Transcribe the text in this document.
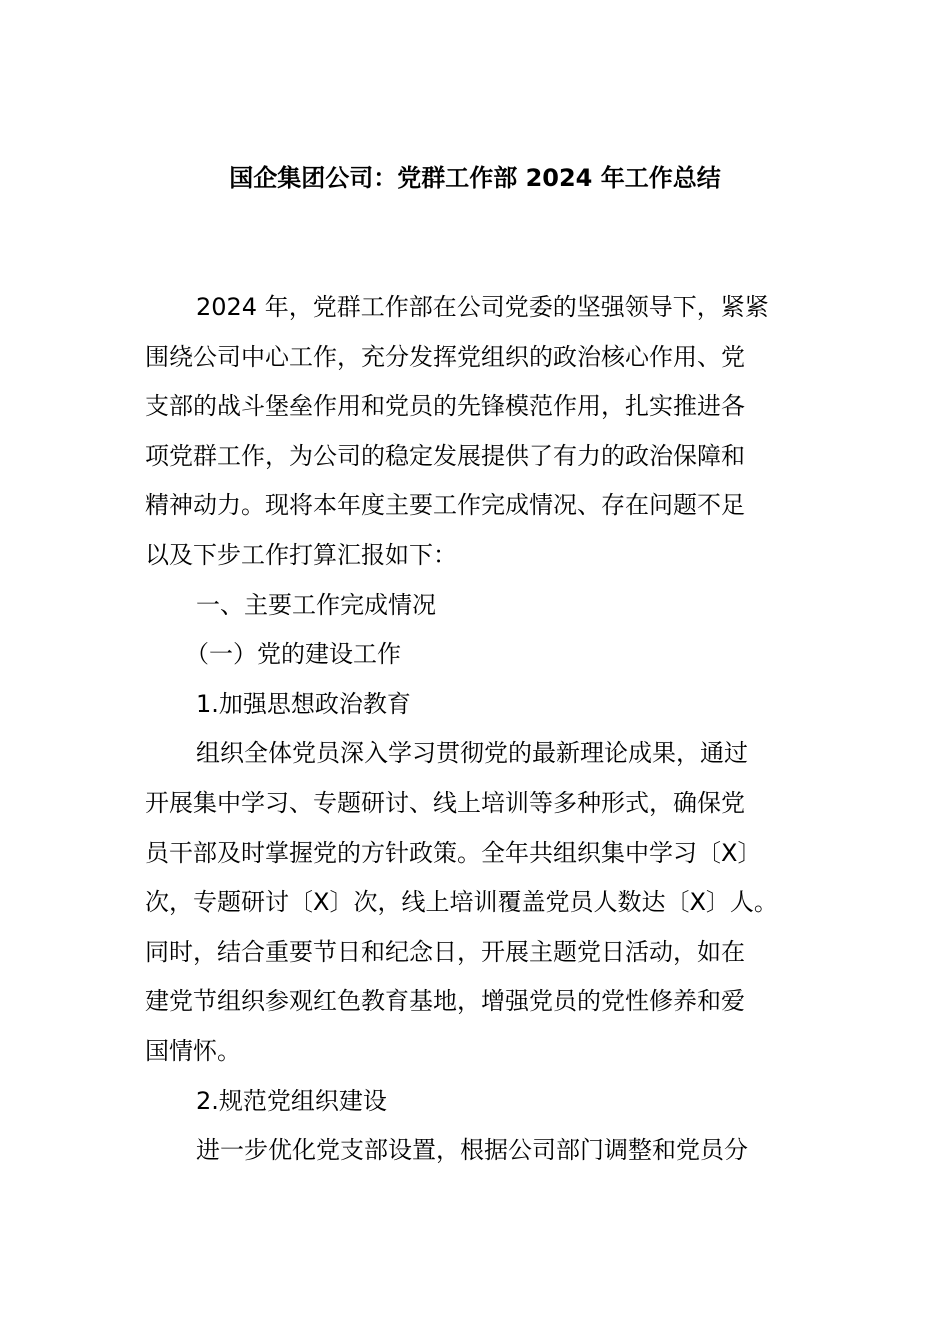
国企集团公司：党群工作部 2024 年工作总结
2024 年，党群工作部在公司党委的坚强领导下，紧紧
围绕公司中心工作，充分发挥党组织的政治核心作用、党
支部的战斗堡垒作用和党员的先锋模范作用，扎实推进各
项党群工作，为公司的稳定发展提供了有力的政治保障和
精神动力。现将本年度主要工作完成情况、存在问题不足
以及下步工作打算汇报如下：
一、主要工作完成情况
（一）党的建设工作
1.加强思想政治教育
组织全体党员深入学习贯彻党的最新理论成果，通过
开展集中学习、专题研讨、线上培训等多种形式，确保党
员干部及时掌握党的方针政策。全年共组织集中学习〔X〕
次，专题研讨〔X〕次，线上培训覆盖党员人数达〔X〕人。
同时，结合重要节日和纪念日，开展主题党日活动，如在
建党节组织参观红色教育基地，增强党员的党性修养和爱
国情怀。
2.规范党组织建设
进一步优化党支部设置，根据公司部门调整和党员分
